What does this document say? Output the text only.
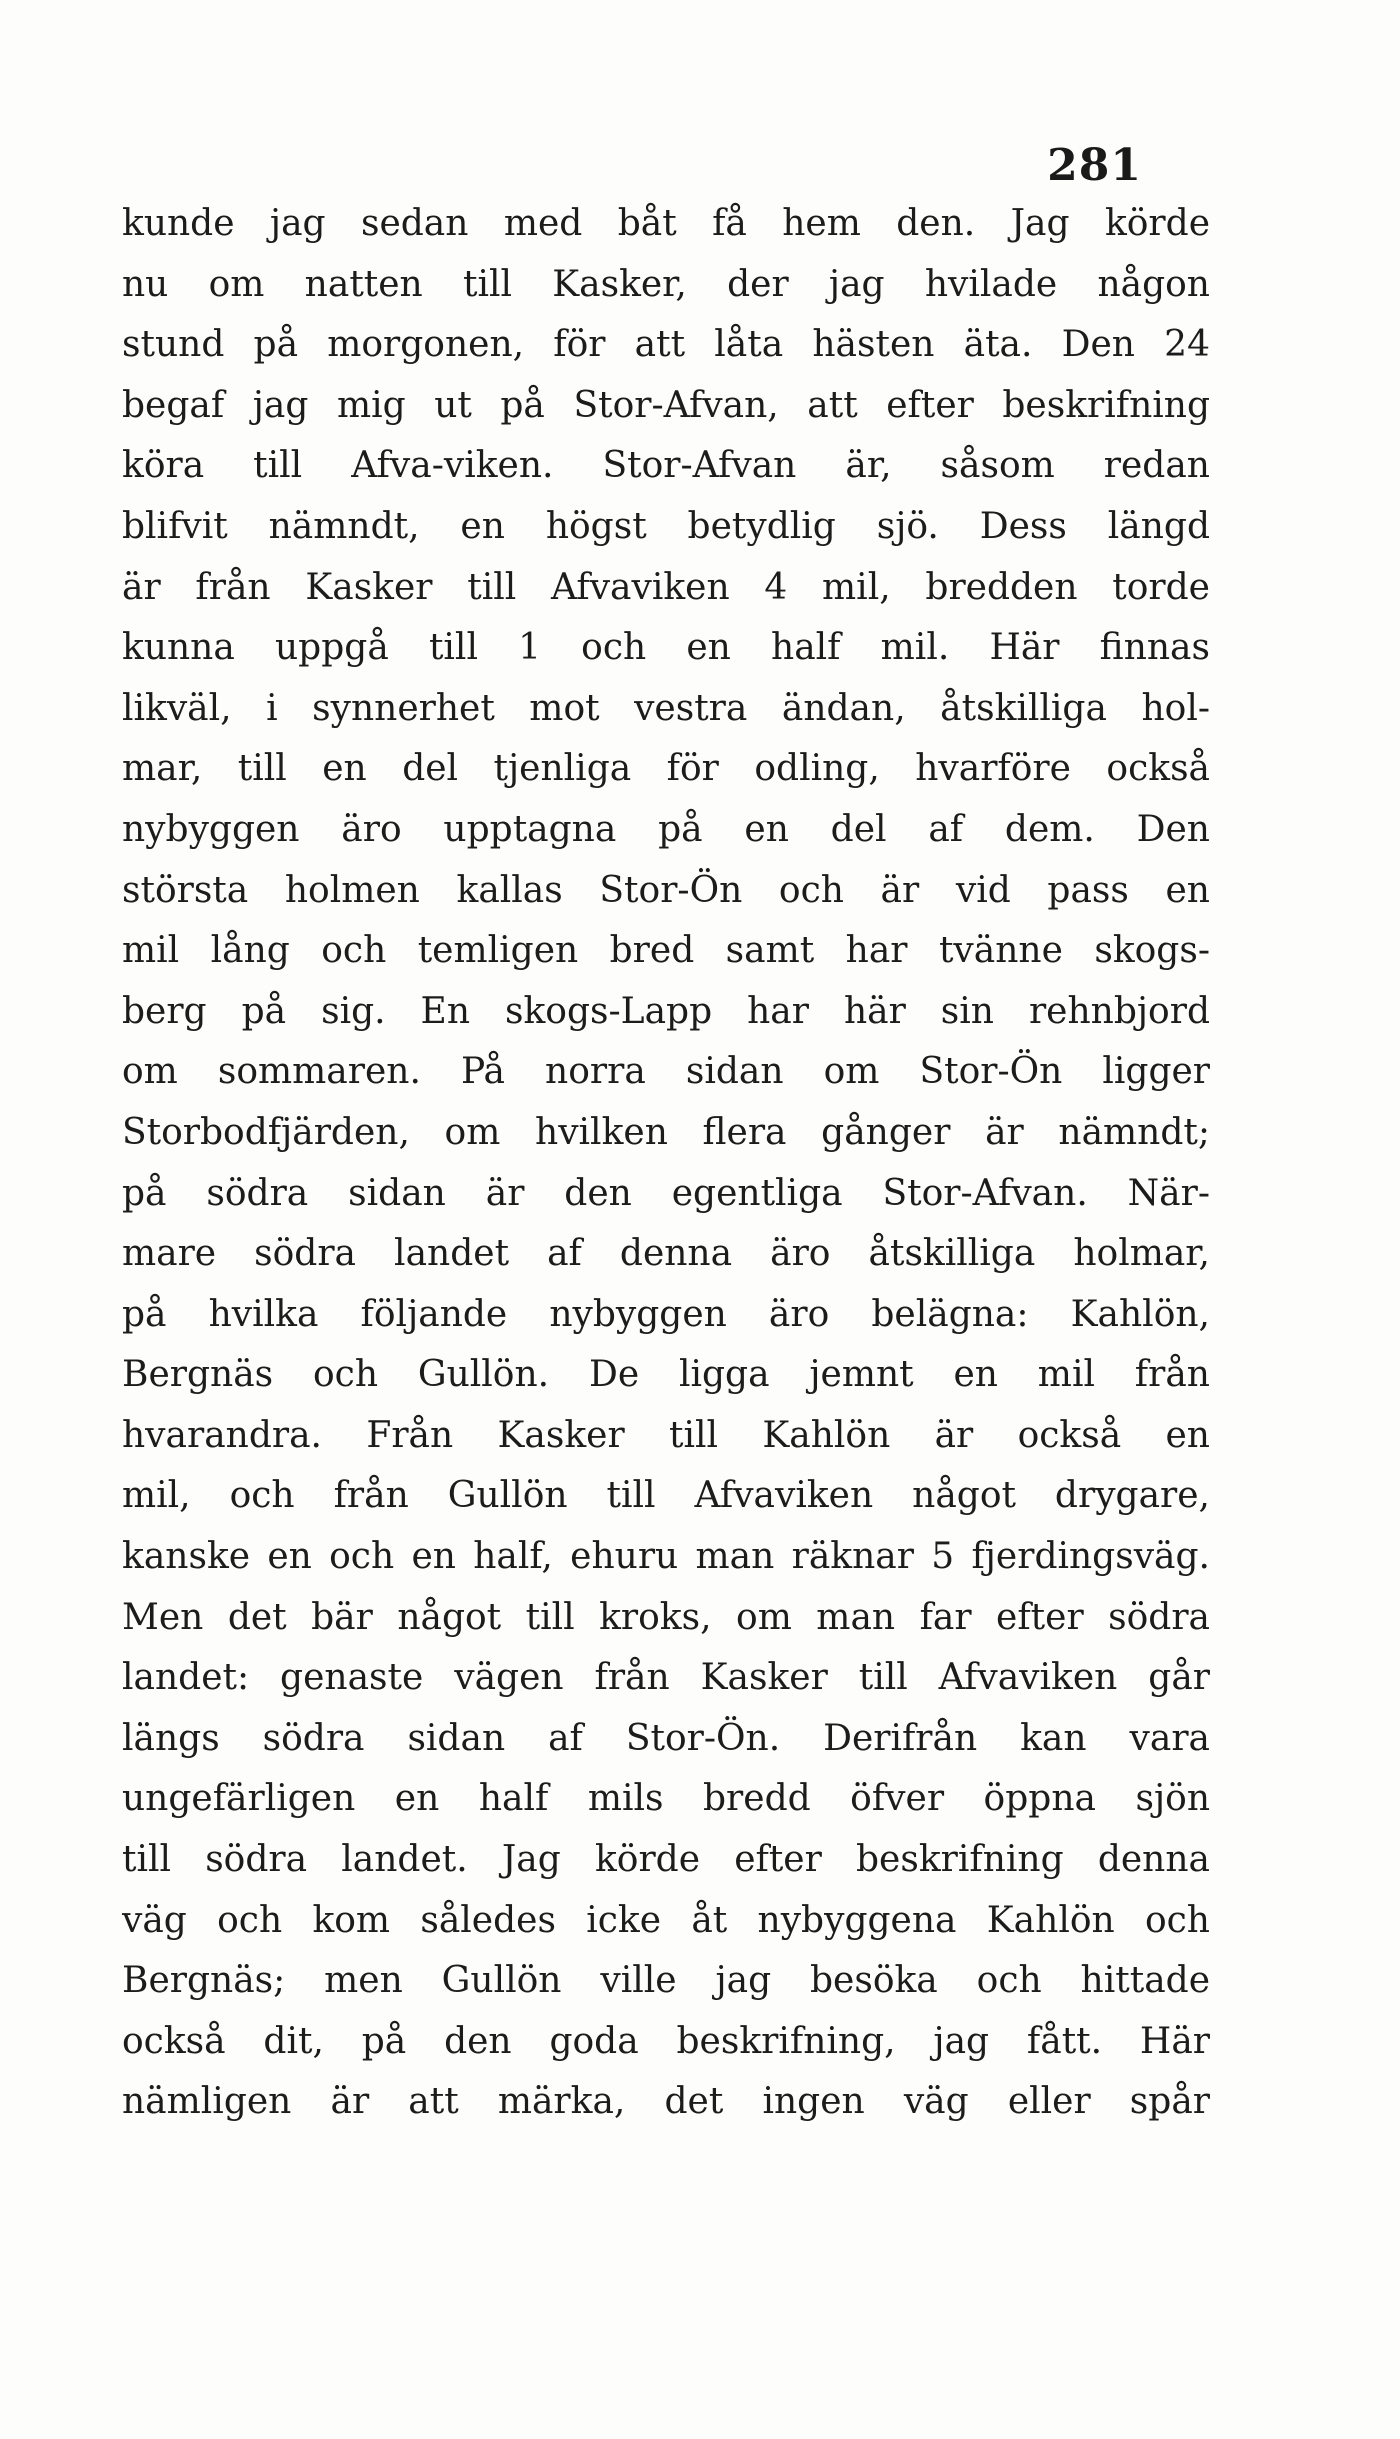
281
kunde jag sedan med båt få hem den. Jag körde
nu om natten till Kasker, der jag hvilade någon
stund på morgonen, för att låta hästen äta. Den 24
begaf jag mig ut på Stor-Afvan, att efter beskrifning
köra till Afva-viken. Stor-Afvan är, såsom redan
blifvit nämndt, en högst betydlig sjö. Dess längd
är från Kasker till Afvaviken 4 mil, bredden torde
kunna uppgå till 1 och en half mil. Här finnas
likväl, i synnerhet mot vestra ändan, åtskilliga hol-
mar, till en del tjenliga för odling, hvarföre också
nybyggen äro upptagna på en del af dem. Den
största holmen kallas Stor-Ön och är vid pass en
mil lång och temligen bred samt har tvänne skogs-
berg på sig. En skogs-Lapp har här sin rehnbjord
om sommaren. På norra sidan om Stor-Ön ligger
Storbodfjärden, om hvilken flera gånger är nämndt;
på södra sidan är den egentliga Stor-Afvan. När-
mare södra landet af denna äro åtskilliga holmar,
på hvilka följande nybyggen äro belägna: Kahlön,
Bergnäs och Gullön. De ligga jemnt en mil från
hvarandra. Från Kasker till Kahlön är också en
mil, och från Gullön till Afvaviken något drygare,
kanske en och en half, ehuru man räknar 5 fjerdingsväg.
Men det bär något till kroks, om man far efter södra
landet: genaste vägen från Kasker till Afvaviken går
längs södra sidan af Stor-Ön. Derifrån kan vara
ungefärligen en half mils bredd öfver öppna sjön
till södra landet. Jag körde efter beskrifning denna
väg och kom således icke åt nybyggena Kahlön och
Bergnäs; men Gullön ville jag besöka och hittade
också dit, på den goda beskrifning, jag fått. Här
nämligen är att märka, det ingen väg eller spår
